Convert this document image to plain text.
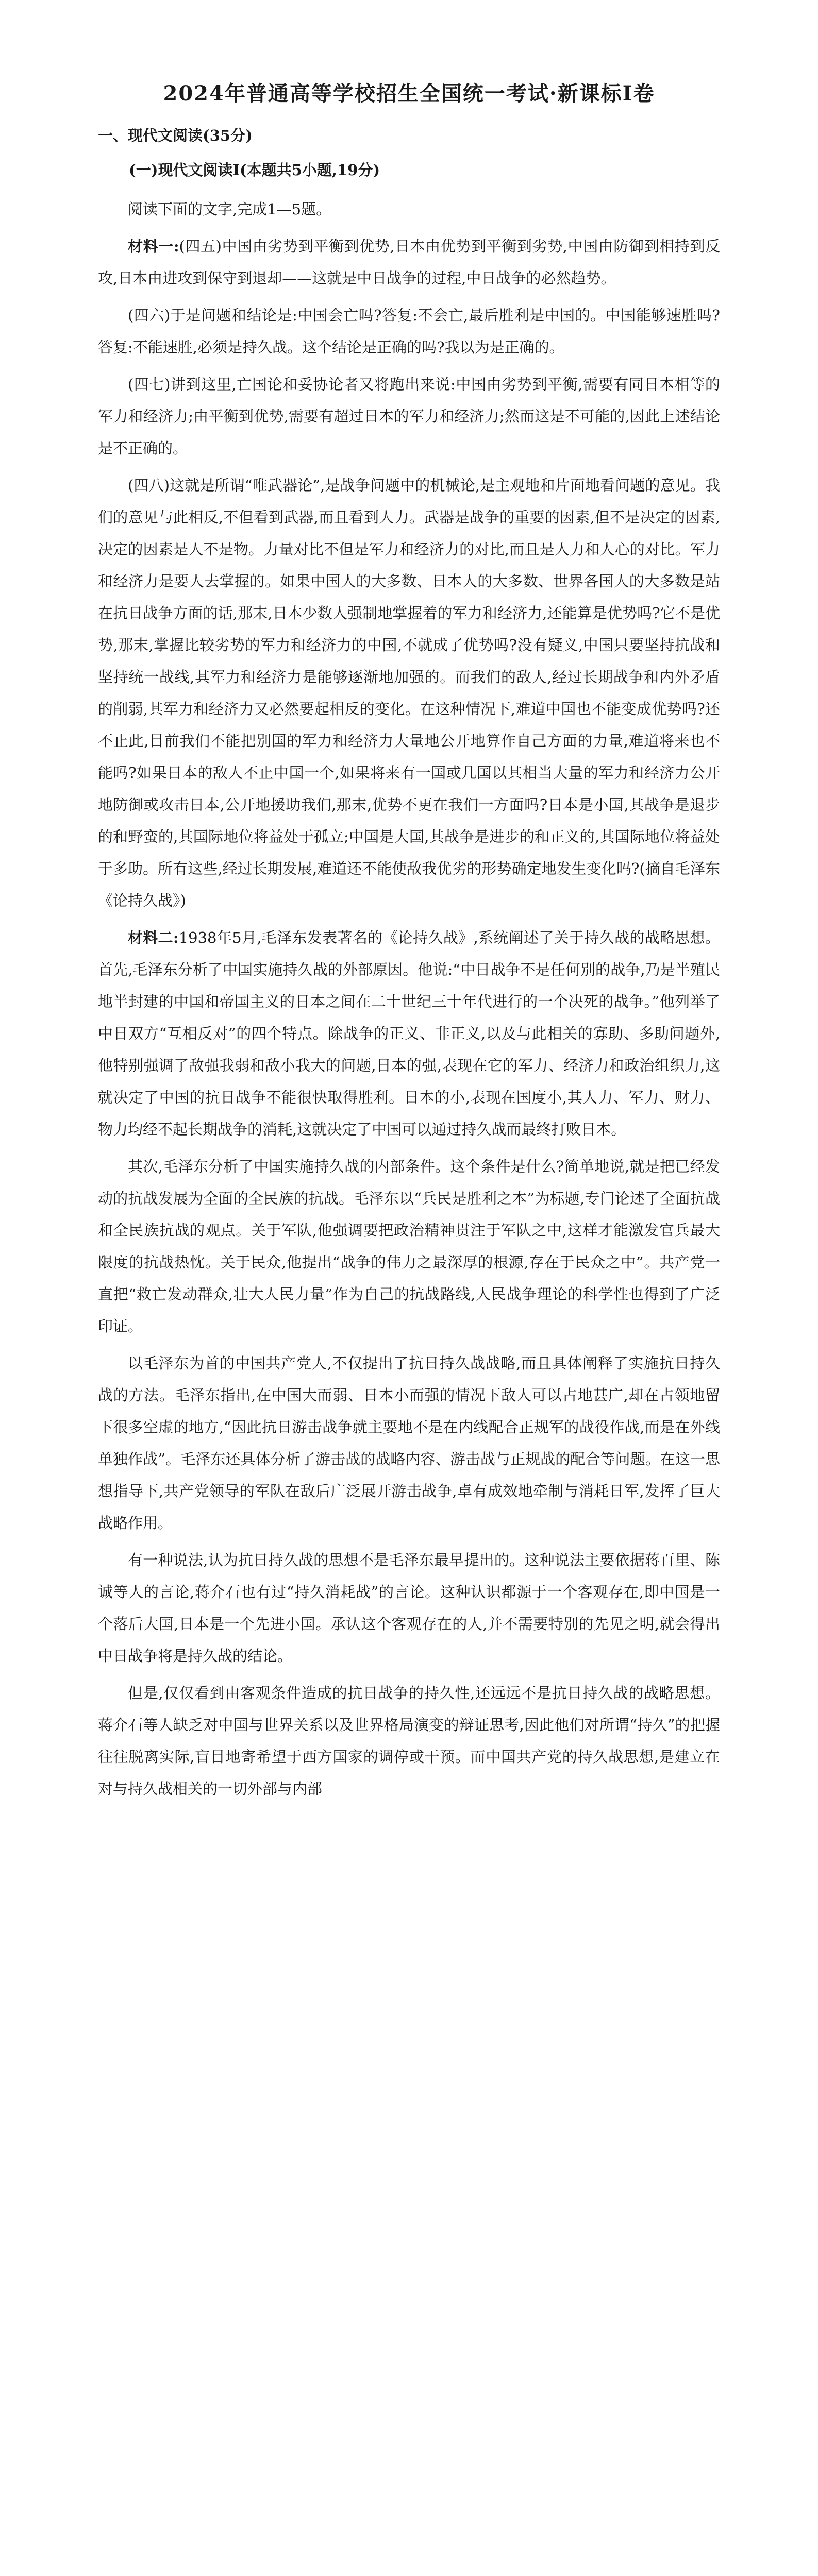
2024年普通高等学校招生全国统一考试·新课标Ⅰ卷
一、现代文阅读(35分)
(一)现代文阅读Ⅰ(本题共5小题,19分)

阅读下面的文字,完成1—5题。

材料一:(四五)中国由劣势到平衡到优势,日本由优势到平衡到劣势,中国由防御到相持到反攻,日本由进攻到保守到退却——这就是中日战争的过程,中日战争的必然趋势。

(四六)于是问题和结论是:中国会亡吗?答复:不会亡,最后胜利是中国的。中国能够速胜吗?答复:不能速胜,必须是持久战。这个结论是正确的吗?我以为是正确的。

(四七)讲到这里,亡国论和妥协论者又将跑出来说:中国由劣势到平衡,需要有同日本相等的军力和经济力;由平衡到优势,需要有超过日本的军力和经济力;然而这是不可能的,因此上述结论是不正确的。

(四八)这就是所谓“唯武器论”,是战争问题中的机械论,是主观地和片面地看问题的意见。我们的意见与此相反,不但看到武器,而且看到人力。武器是战争的重要的因素,但不是决定的因素,决定的因素是人不是物。力量对比不但是军力和经济力的对比,而且是人力和人心的对比。军力和经济力是要人去掌握的。如果中国人的大多数、日本人的大多数、世界各国人的大多数是站在抗日战争方面的话,那末,日本少数人强制地掌握着的军力和经济力,还能算是优势吗?它不是优势,那末,掌握比较劣势的军力和经济力的中国,不就成了优势吗?没有疑义,中国只要坚持抗战和坚持统一战线,其军力和经济力是能够逐渐地加强的。而我们的敌人,经过长期战争和内外矛盾的削弱,其军力和经济力又必然要起相反的变化。在这种情况下,难道中国也不能变成优势吗?还不止此,目前我们不能把别国的军力和经济力大量地公开地算作自己方面的力量,难道将来也不能吗?如果日本的敌人不止中国一个,如果将来有一国或几国以其相当大量的军力和经济力公开地防御或攻击日本,公开地援助我们,那末,优势不更在我们一方面吗?日本是小国,其战争是退步的和野蛮的,其国际地位将益处于孤立;中国是大国,其战争是进步的和正义的,其国际地位将益处于多助。所有这些,经过长期发展,难道还不能使敌我优劣的形势确定地发生变化吗?(摘自毛泽东《论持久战》)

材料二:1938年5月,毛泽东发表著名的《论持久战》,系统阐述了关于持久战的战略思想。首先,毛泽东分析了中国实施持久战的外部原因。他说:“中日战争不是任何别的战争,乃是半殖民地半封建的中国和帝国主义的日本之间在二十世纪三十年代进行的一个决死的战争。”他列举了中日双方“互相反对”的四个特点。除战争的正义、非正义,以及与此相关的寡助、多助问题外,他特别强调了敌强我弱和敌小我大的问题,日本的强,表现在它的军力、经济力和政治组织力,这就决定了中国的抗日战争不能很快取得胜利。日本的小,表现在国度小,其人力、军力、财力、物力均经不起长期战争的消耗,这就决定了中国可以通过持久战而最终打败日本。

其次,毛泽东分析了中国实施持久战的内部条件。这个条件是什么?简单地说,就是把已经发动的抗战发展为全面的全民族的抗战。毛泽东以“兵民是胜利之本”为标题,专门论述了全面抗战和全民族抗战的观点。关于军队,他强调要把政治精神贯注于军队之中,这样才能激发官兵最大限度的抗战热忱。关于民众,他提出“战争的伟力之最深厚的根源,存在于民众之中”。共产党一直把“救亡发动群众,壮大人民力量”作为自己的抗战路线,人民战争理论的科学性也得到了广泛印证。

以毛泽东为首的中国共产党人,不仅提出了抗日持久战战略,而且具体阐释了实施抗日持久战的方法。毛泽东指出,在中国大而弱、日本小而强的情况下敌人可以占地甚广,却在占领地留下很多空虚的地方,“因此抗日游击战争就主要地不是在内线配合正规军的战役作战,而是在外线单独作战”。毛泽东还具体分析了游击战的战略内容、游击战与正规战的配合等问题。在这一思想指导下,共产党领导的军队在敌后广泛展开游击战争,卓有成效地牵制与消耗日军,发挥了巨大战略作用。

有一种说法,认为抗日持久战的思想不是毛泽东最早提出的。这种说法主要依据蒋百里、陈诚等人的言论,蒋介石也有过“持久消耗战”的言论。这种认识都源于一个客观存在,即中国是一个落后大国,日本是一个先进小国。承认这个客观存在的人,并不需要特别的先见之明,就会得出中日战争将是持久战的结论。

但是,仅仅看到由客观条件造成的抗日战争的持久性,还远远不是抗日持久战的战略思想。蒋介石等人缺乏对中国与世界关系以及世界格局演变的辩证思考,因此他们对所谓“持久”的把握往往脱离实际,盲目地寄希望于西方国家的调停或干预。而中国共产党的持久战思想,是建立在对与持久战相关的一切外部与内部
